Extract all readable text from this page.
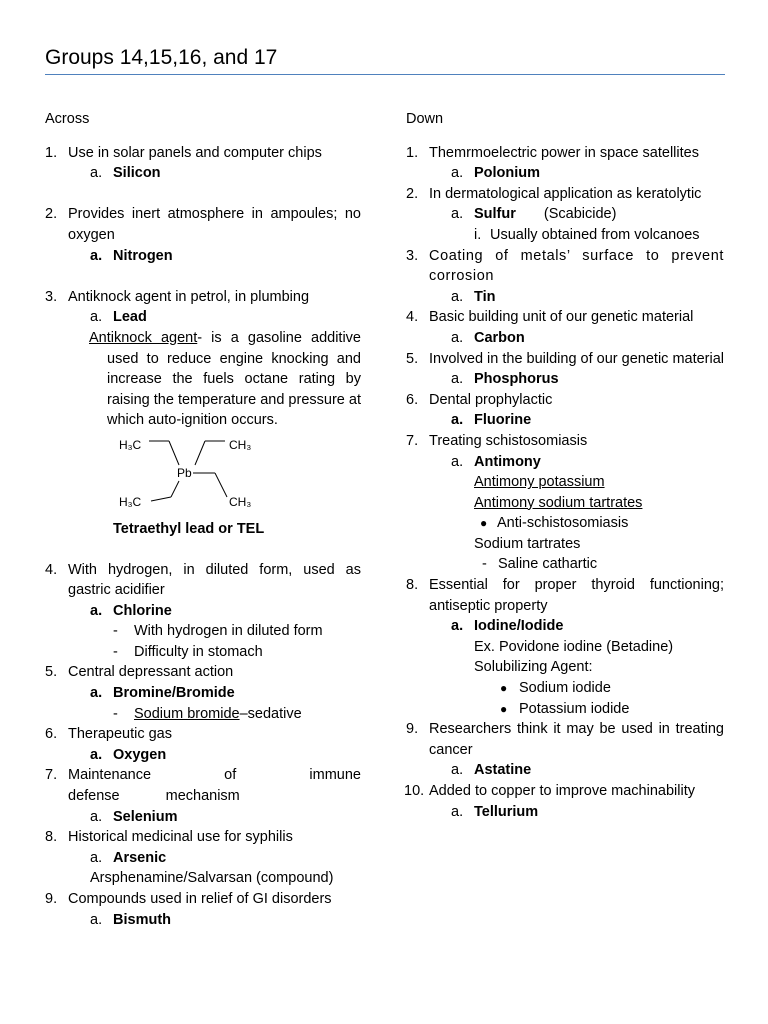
Groups 14,15,16, and 17
Across
1. Use in solar panels and computer chips
a. Silicon
2. Provides inert atmosphere in ampoules; no oxygen
a. Nitrogen
3. Antiknock agent in petrol, in plumbing
a. Lead
Antiknock agent- is a gasoline additive used to reduce engine knocking and increase the fuels octane rating by raising the temperature and pressure at which auto-ignition occurs.
H₃C	CH₃
Pb
H₃C	CH₃
Tetraethyl lead or TEL
4. With hydrogen, in diluted form, used as gastric acidifier
a. Chlorine
- With hydrogen in diluted form
- Difficulty in stomach
5. Central depressant action
a. Bromine/Bromide
- Sodium bromide–sedative
6. Therapeutic gas
a. Oxygen
7. Maintenance of immune defense mechanism
a. Selenium
8. Historical medicinal use for syphilis
a. Arsenic
Arsphenamine/Salvarsan (compound)
9. Compounds used in relief of GI disorders
a. Bismuth
Down
1. Themrmoelectric power in space satellites
a. Polonium
2. In dermatological application as keratolytic
a. Sulfur (Scabicide)
i. Usually obtained from volcanoes
3. Coating of metals’ surface to prevent corrosion
a. Tin
4. Basic building unit of our genetic material
a. Carbon
5. Involved in the building of our genetic material
a. Phosphorus
6. Dental prophylactic
a. Fluorine
7. Treating schistosomiasis
a. Antimony
Antimony potassium
Antimony sodium tartrates
● Anti-schistosomiasis
Sodium tartrates
- Saline cathartic
8. Essential for proper thyroid functioning; antiseptic property
a. Iodine/Iodide
Ex. Povidone iodine (Betadine)
Solubilizing Agent:
● Sodium iodide
● Potassium iodide
9. Researchers think it may be used in treating cancer
a. Astatine
10. Added to copper to improve machinability
a. Tellurium
